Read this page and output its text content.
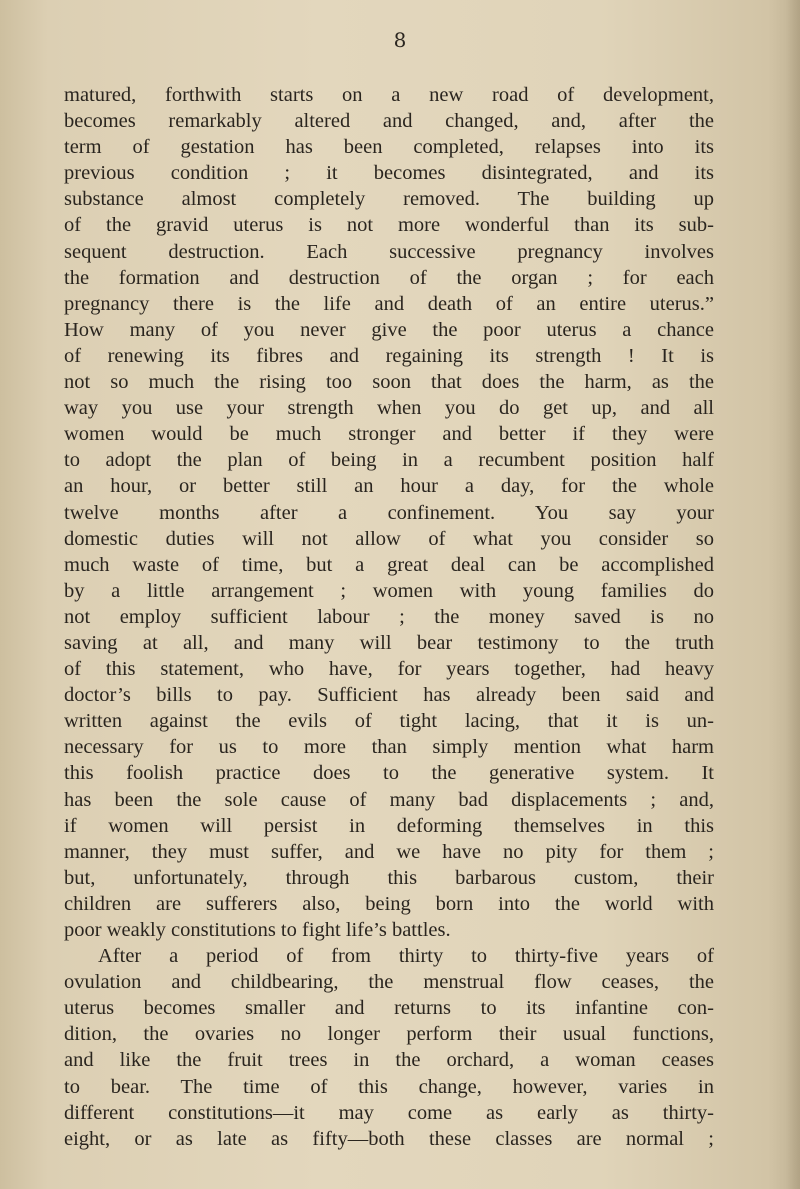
8
matured, forthwith starts on a new road of development,
becomes remarkably altered and changed, and, after the
term of gestation has been completed, relapses into its
previous condition ; it becomes disintegrated, and its
substance almost completely removed. The building up
of the gravid uterus is not more wonderful than its sub-
sequent destruction. Each successive pregnancy involves
the formation and destruction of the organ ; for each
pregnancy there is the life and death of an entire uterus.”
How many of you never give the poor uterus a chance
of renewing its fibres and regaining its strength ! It is
not so much the rising too soon that does the harm, as the
way you use your strength when you do get up, and all
women would be much stronger and better if they were
to adopt the plan of being in a recumbent position half
an hour, or better still an hour a day, for the whole
twelve months after a confinement. You say your
domestic duties will not allow of what you consider so
much waste of time, but a great deal can be accomplished
by a little arrangement ; women with young families do
not employ sufficient labour ; the money saved is no
saving at all, and many will bear testimony to the truth
of this statement, who have, for years together, had heavy
doctor’s bills to pay. Sufficient has already been said and
written against the evils of tight lacing, that it is un-
necessary for us to more than simply mention what harm
this foolish practice does to the generative system. It
has been the sole cause of many bad displacements ; and,
if women will persist in deforming themselves in this
manner, they must suffer, and we have no pity for them ;
but, unfortunately, through this barbarous custom, their
children are sufferers also, being born into the world with
poor weakly constitutions to fight life’s battles.
After a period of from thirty to thirty-five years of
ovulation and childbearing, the menstrual flow ceases, the
uterus becomes smaller and returns to its infantine con-
dition, the ovaries no longer perform their usual functions,
and like the fruit trees in the orchard, a woman ceases
to bear. The time of this change, however, varies in
different constitutions—it may come as early as thirty-
eight, or as late as fifty—both these classes are normal ;
